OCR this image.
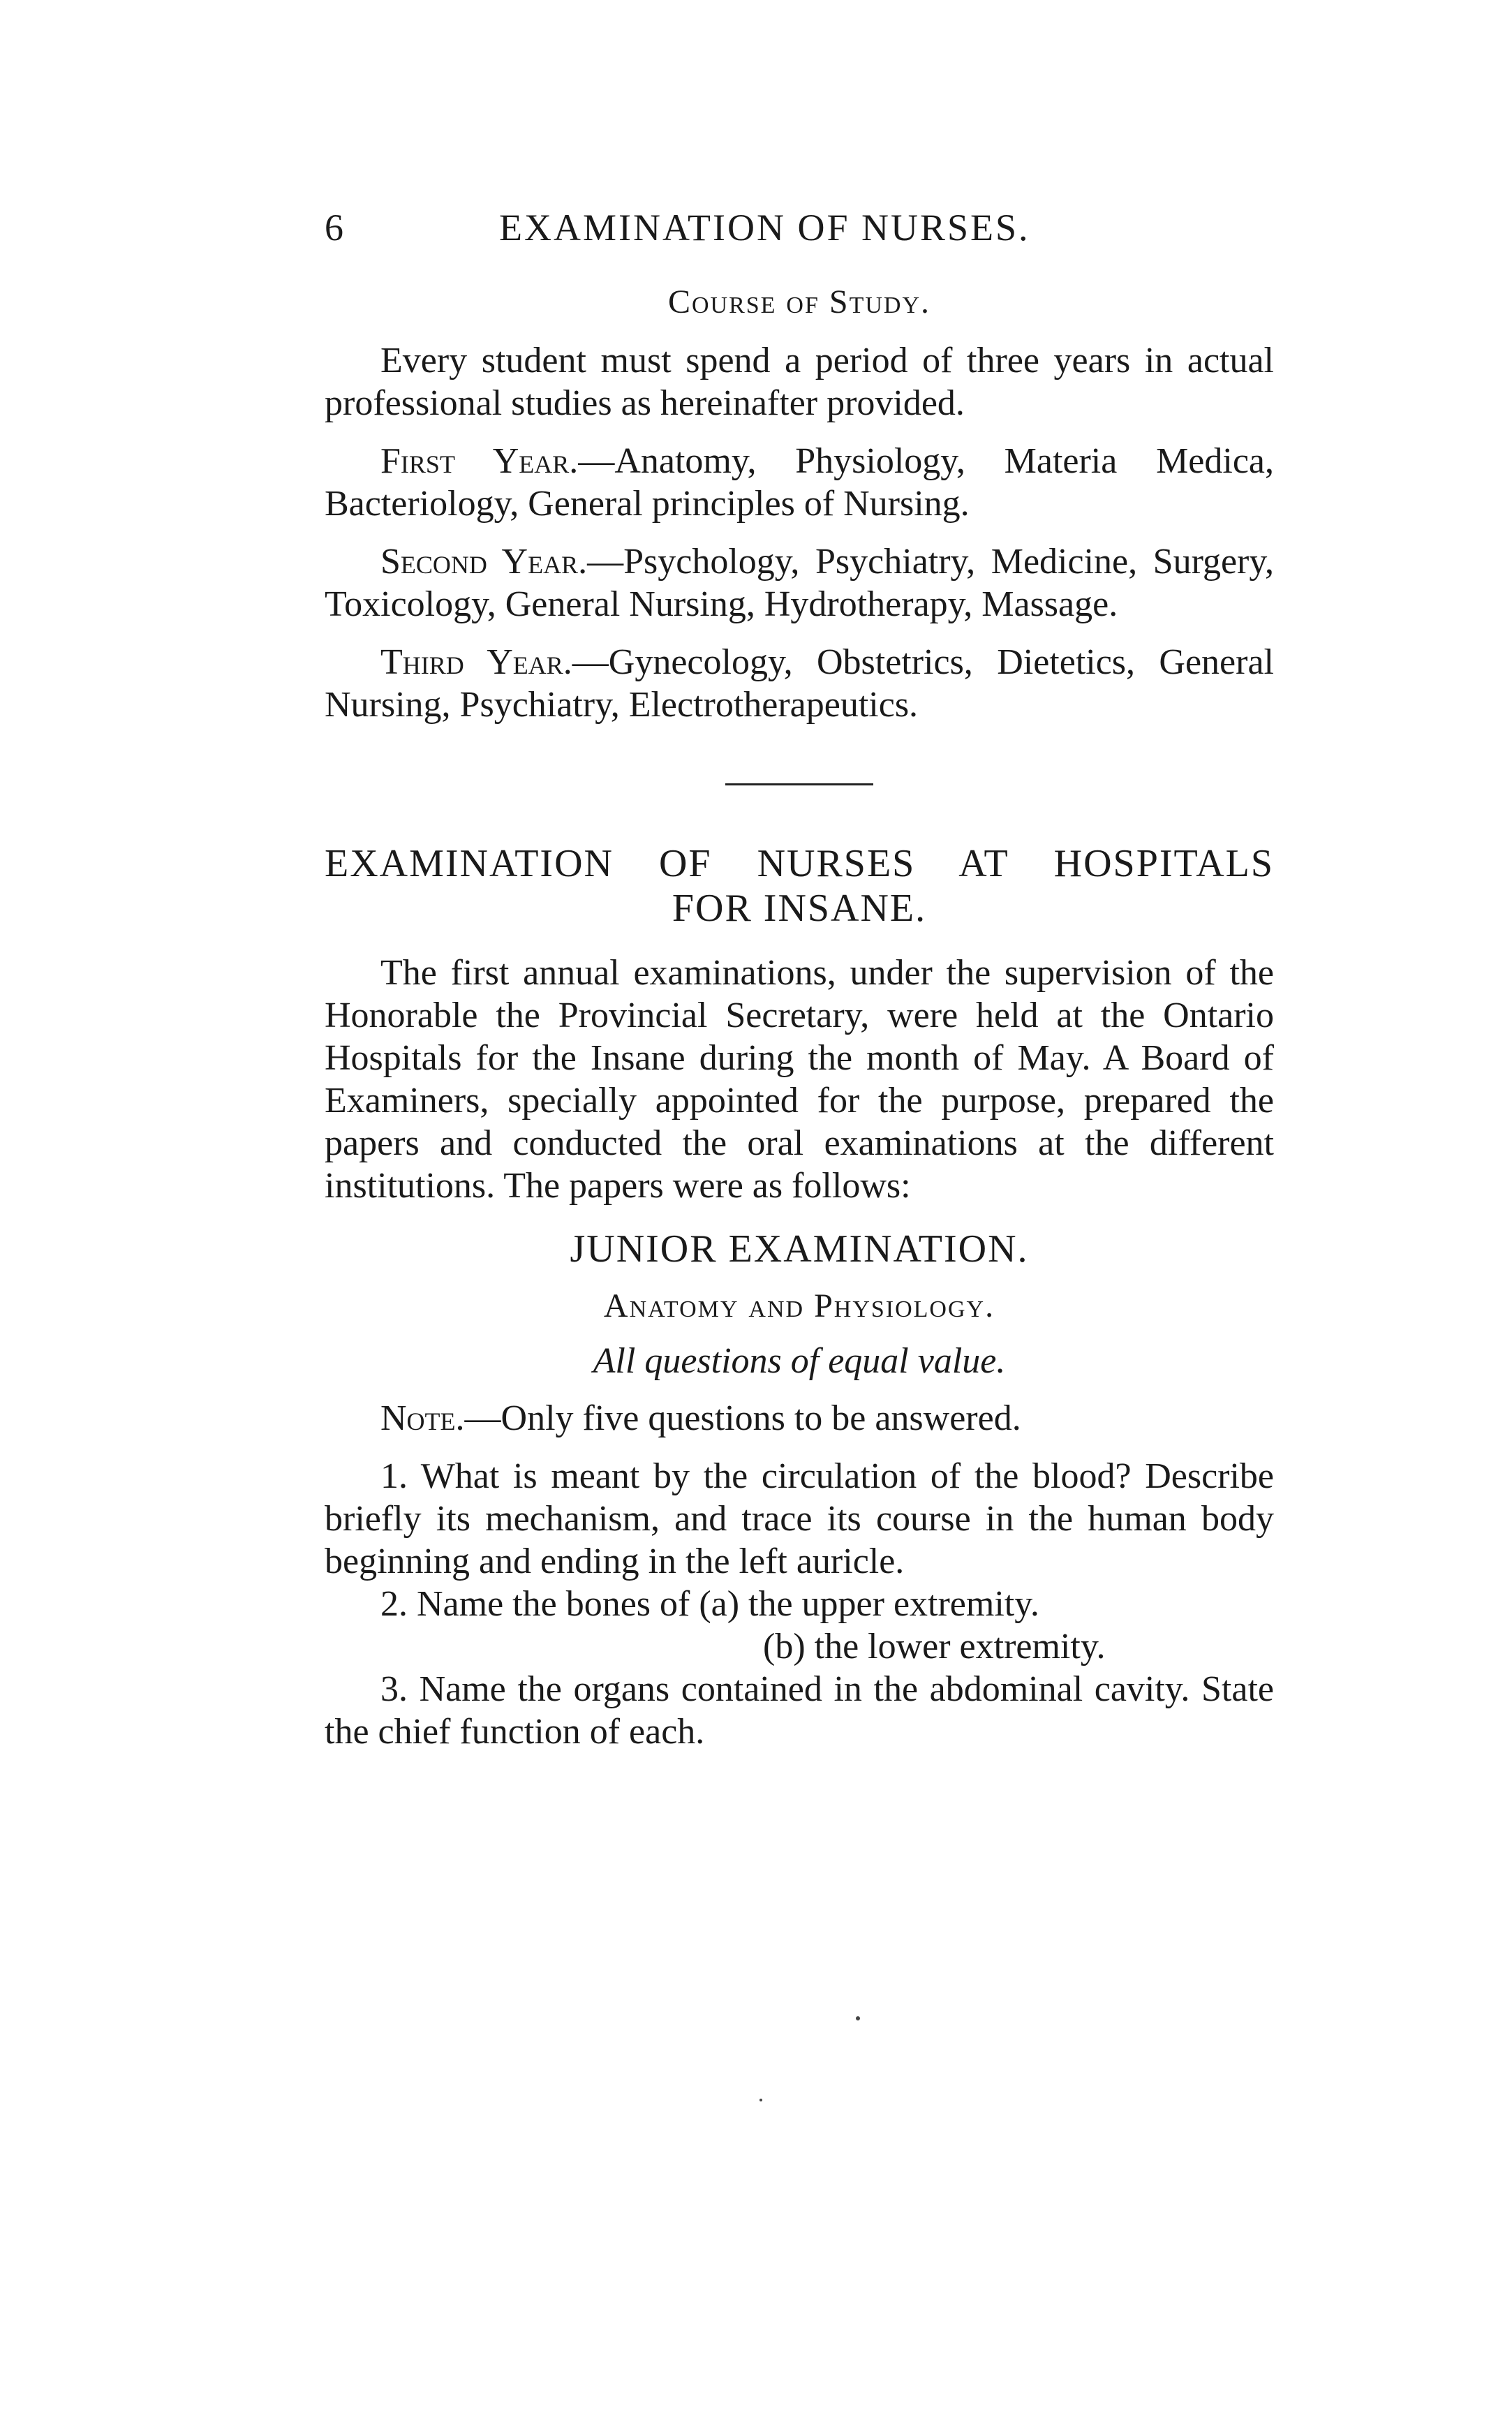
6	EXAMINATION OF NURSES.
Course of Study.

Every student must spend a period of three years in actual professional studies as hereinafter provided.

First Year.—Anatomy, Physiology, Materia Medica, Bacteriology, General principles of Nursing.

Second Year.—Psychology, Psychiatry, Medicine, Surgery, Toxicology, General Nursing, Hydrotherapy, Massage.

Third Year.—Gynecology, Obstetrics, Dietetics, General Nursing, Psychiatry, Electrotherapeutics.

EXAMINATION OF NURSES AT HOSPITALS
FOR INSANE.

The first annual examinations, under the supervision of the Honorable the Provincial Secretary, were held at the Ontario Hospitals for the Insane during the month of May. A Board of Examiners, specially appointed for the purpose, prepared the papers and conducted the oral examinations at the different institutions. The papers were as follows:

JUNIOR EXAMINATION.
Anatomy and Physiology.
All questions of equal value.

Note.—Only five questions to be answered.

1. What is meant by the circulation of the blood? Describe briefly its mechanism, and trace its course in the human body beginning and ending in the left auricle.

2. Name the bones of (a) the upper extremity.

(b) the lower extremity.

3. Name the organs contained in the abdominal cavity. State the chief function of each.
